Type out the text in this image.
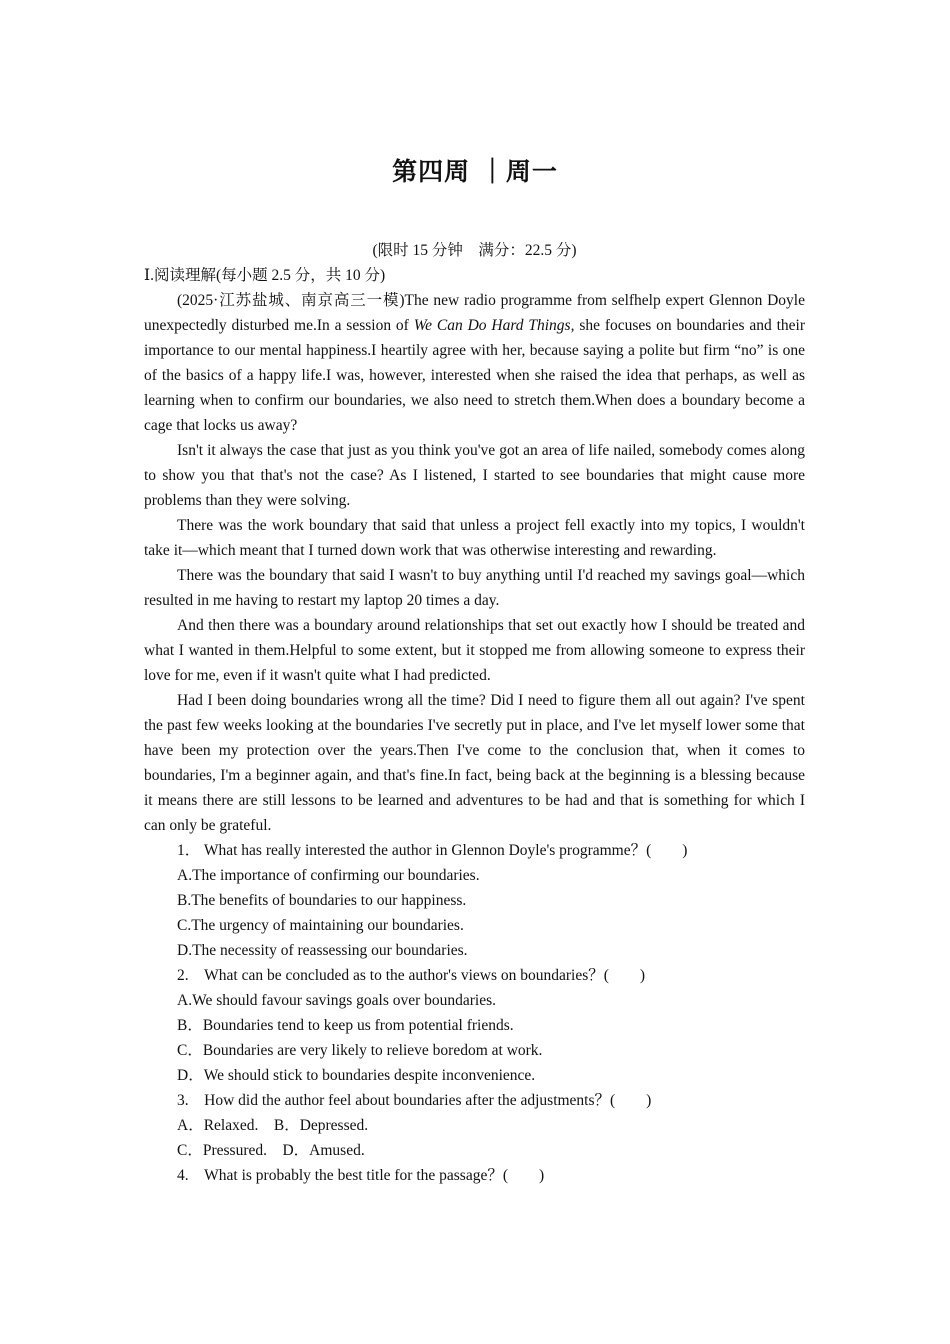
第四周 ｜周一

(限时 15 分钟　满分：22.5 分)

Ⅰ.阅读理解(每小题 2.5 分，共 10 分)

(2025·江苏盐城、南京高三一模)The new radio programme from selfhelp expert Glennon Doyle unexpectedly disturbed me.In a session of We Can Do Hard Things, she focuses on boundaries and their importance to our mental happiness.I heartily agree with her, because saying a polite but firm “no” is one of the basics of a happy life.I was, however, interested when she raised the idea that perhaps, as well as learning when to confirm our boundaries, we also need to stretch them.When does a boundary become a cage that locks us away?

Isn't it always the case that just as you think you've got an area of life nailed, somebody comes along to show you that that's not the case? As I listened, I started to see boundaries that might cause more problems than they were solving.

There was the work boundary that said that unless a project fell exactly into my topics, I wouldn't take it—which meant that I turned down work that was otherwise interesting and rewarding.

There was the boundary that said I wasn't to buy anything until I'd reached my savings goal—which resulted in me having to restart my laptop 20 times a day.

And then there was a boundary around relationships that set out exactly how I should be treated and what I wanted in them.Helpful to some extent, but it stopped me from allowing someone to express their love for me, even if it wasn't quite what I had predicted.

Had I been doing boundaries wrong all the time? Did I need to figure them all out again? I've spent the past few weeks looking at the boundaries I've secretly put in place, and I've let myself lower some that have been my protection over the years.Then I've come to the conclusion that, when it comes to boundaries, I'm a beginner again, and that's fine.In fact, being back at the beginning is a blessing because it means there are still lessons to be learned and adventures to be had and that is something for which I can only be grateful.

1． What has really interested the author in Glennon Doyle's programme？(　　)

A.The importance of confirming our boundaries.

B.The benefits of boundaries to our happiness.

C.The urgency of maintaining our boundaries.

D.The necessity of reassessing our boundaries.

2.　What can be concluded as to the author's views on boundaries？(　　)

A.We should favour savings goals over boundaries.

B．Boundaries tend to keep us from potential friends.

C．Boundaries are very likely to relieve boredom at work.

D．We should stick to boundaries despite inconvenience.

3.　How did the author feel about boundaries after the adjustments？(　　)

A．Relaxed.　B．Depressed.

C．Pressured.　D．Amused.

4.　What is probably the best title for the passage？(　　)
